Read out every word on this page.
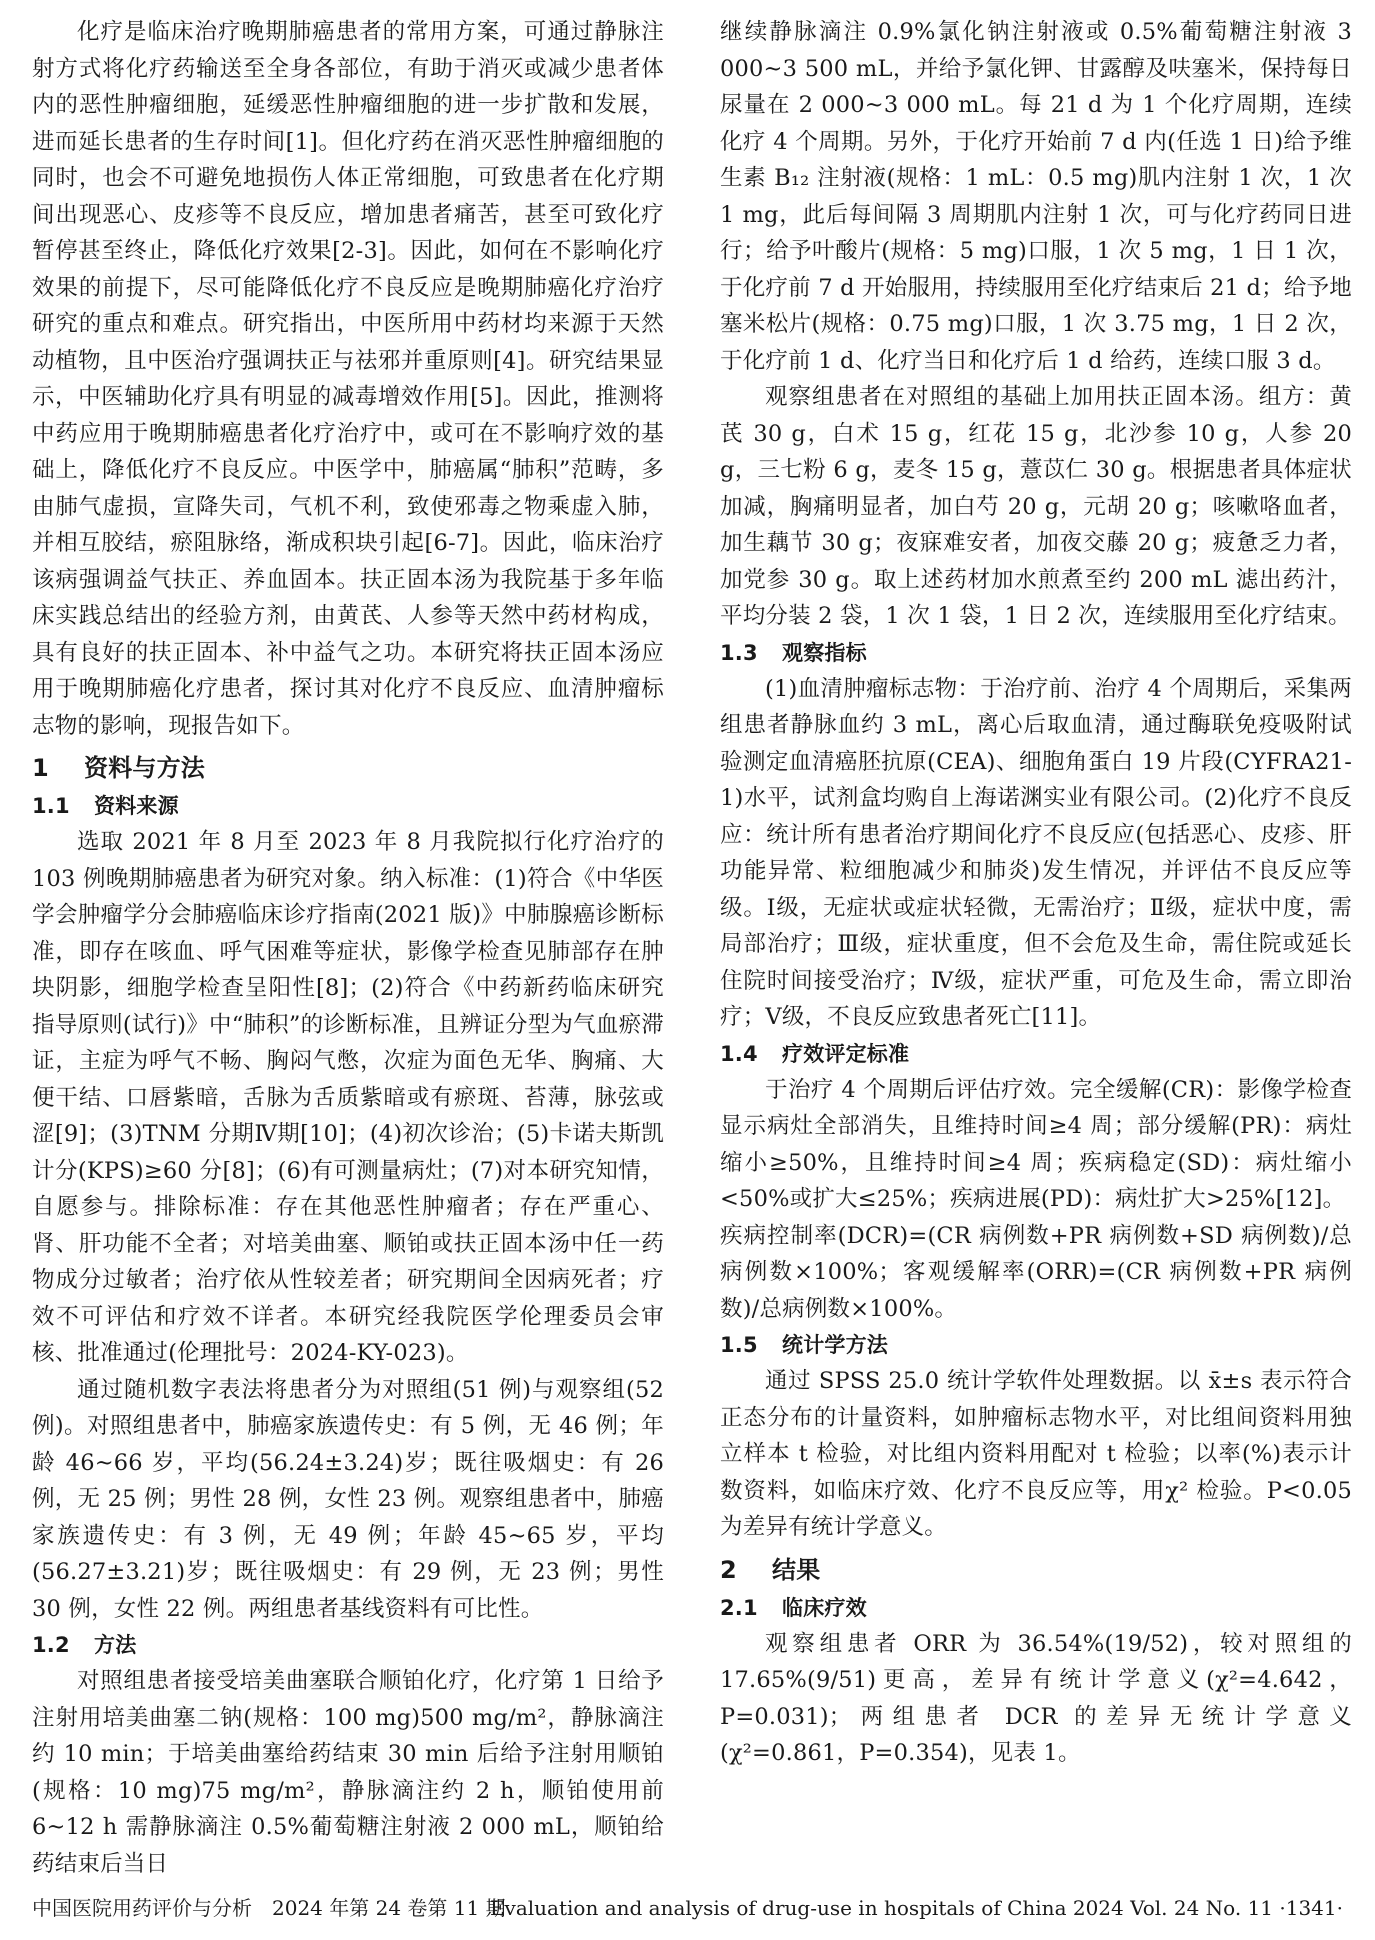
化疗是临床治疗晚期肺癌患者的常用方案，可通过静脉注射方式将化疗药输送至全身各部位，有助于消灭或减少患者体内的恶性肿瘤细胞，延缓恶性肿瘤细胞的进一步扩散和发展，进而延长患者的生存时间[1]。但化疗药在消灭恶性肿瘤细胞的同时，也会不可避免地损伤人体正常细胞，可致患者在化疗期间出现恶心、皮疹等不良反应，增加患者痛苦，甚至可致化疗暂停甚至终止，降低化疗效果[2-3]。因此，如何在不影响化疗效果的前提下，尽可能降低化疗不良反应是晚期肺癌化疗治疗研究的重点和难点。研究指出，中医所用中药材均来源于天然动植物，且中医治疗强调扶正与祛邪并重原则[4]。研究结果显示，中医辅助化疗具有明显的减毒增效作用[5]。因此，推测将中药应用于晚期肺癌患者化疗治疗中，或可在不影响疗效的基础上，降低化疗不良反应。中医学中，肺癌属“肺积”范畴，多由肺气虚损，宣降失司，气机不利，致使邪毒之物乘虚入肺，并相互胶结，瘀阻脉络，渐成积块引起[6-7]。因此，临床治疗该病强调益气扶正、养血固本。扶正固本汤为我院基于多年临床实践总结出的经验方剂，由黄芪、人参等天然中药材构成，具有良好的扶正固本、补中益气之功。本研究将扶正固本汤应用于晚期肺癌化疗患者，探讨其对化疗不良反应、血清肿瘤标志物的影响，现报告如下。

1 资料与方法
1.1 资料来源

选取 2021 年 8 月至 2023 年 8 月我院拟行化疗治疗的 103 例晚期肺癌患者为研究对象。纳入标准：(1)符合《中华医学会肿瘤学分会肺癌临床诊疗指南(2021 版)》中肺腺癌诊断标准，即存在咳血、呼气困难等症状，影像学检查见肺部存在肿块阴影，细胞学检查呈阳性[8]；(2)符合《中药新药临床研究指导原则(试行)》中“肺积”的诊断标准，且辨证分型为气血瘀滞证，主症为呼气不畅、胸闷气憋，次症为面色无华、胸痛、大便干结、口唇紫暗，舌脉为舌质紫暗或有瘀斑、苔薄，脉弦或涩[9]；(3)TNM 分期Ⅳ期[10]；(4)初次诊治；(5)卡诺夫斯凯计分(KPS)≥60 分[8]；(6)有可测量病灶；(7)对本研究知情，自愿参与。排除标准：存在其他恶性肿瘤者；存在严重心、肾、肝功能不全者；对培美曲塞、顺铂或扶正固本汤中任一药物成分过敏者；治疗依从性较差者；研究期间全因病死者；疗效不可评估和疗效不详者。本研究经我院医学伦理委员会审核、批准通过(伦理批号：2024-KY-023)。

通过随机数字表法将患者分为对照组(51 例)与观察组(52 例)。对照组患者中，肺癌家族遗传史：有 5 例，无 46 例；年龄 46~66 岁，平均(56.24±3.24)岁；既往吸烟史：有 26 例，无 25 例；男性 28 例，女性 23 例。观察组患者中，肺癌家族遗传史：有 3 例，无 49 例；年龄 45~65 岁，平均(56.27±3.21)岁；既往吸烟史：有 29 例，无 23 例；男性 30 例，女性 22 例。两组患者基线资料有可比性。

1.2 方法

对照组患者接受培美曲塞联合顺铂化疗，化疗第 1 日给予注射用培美曲塞二钠(规格：100 mg)500 mg/m²，静脉滴注约 10 min；于培美曲塞给药结束 30 min 后给予注射用顺铂(规格：10 mg)75 mg/m²，静脉滴注约 2 h，顺铂使用前 6~12 h 需静脉滴注 0.5%葡萄糖注射液 2 000 mL，顺铂给药结束后当日

继续静脉滴注 0.9%氯化钠注射液或 0.5%葡萄糖注射液 3 000~3 500 mL，并给予氯化钾、甘露醇及呋塞米，保持每日尿量在 2 000~3 000 mL。每 21 d 为 1 个化疗周期，连续化疗 4 个周期。另外，于化疗开始前 7 d 内(任选 1 日)给予维生素 B₁₂ 注射液(规格：1 mL：0.5 mg)肌内注射 1 次，1 次 1 mg，此后每间隔 3 周期肌内注射 1 次，可与化疗药同日进行；给予叶酸片(规格：5 mg)口服，1 次 5 mg，1 日 1 次，于化疗前 7 d 开始服用，持续服用至化疗结束后 21 d；给予地塞米松片(规格：0.75 mg)口服，1 次 3.75 mg，1 日 2 次，于化疗前 1 d、化疗当日和化疗后 1 d 给药，连续口服 3 d。

观察组患者在对照组的基础上加用扶正固本汤。组方：黄芪 30 g，白术 15 g，红花 15 g，北沙参 10 g，人参 20 g，三七粉 6 g，麦冬 15 g，薏苡仁 30 g。根据患者具体症状加减，胸痛明显者，加白芍 20 g，元胡 20 g；咳嗽咯血者，加生藕节 30 g；夜寐难安者，加夜交藤 20 g；疲惫乏力者，加党参 30 g。取上述药材加水煎煮至约 200 mL 滤出药汁，平均分装 2 袋，1 次 1 袋，1 日 2 次，连续服用至化疗结束。

1.3 观察指标

(1)血清肿瘤标志物：于治疗前、治疗 4 个周期后，采集两组患者静脉血约 3 mL，离心后取血清，通过酶联免疫吸附试验测定血清癌胚抗原(CEA)、细胞角蛋白 19 片段(CYFRA21-1)水平，试剂盒均购自上海诺渊实业有限公司。(2)化疗不良反应：统计所有患者治疗期间化疗不良反应(包括恶心、皮疹、肝功能异常、粒细胞减少和肺炎)发生情况，并评估不良反应等级。Ⅰ级，无症状或症状轻微，无需治疗；Ⅱ级，症状中度，需局部治疗；Ⅲ级，症状重度，但不会危及生命，需住院或延长住院时间接受治疗；Ⅳ级，症状严重，可危及生命，需立即治疗；Ⅴ级，不良反应致患者死亡[11]。

1.4 疗效评定标准

于治疗 4 个周期后评估疗效。完全缓解(CR)：影像学检查显示病灶全部消失，且维持时间≥4 周；部分缓解(PR)：病灶缩小≥50%，且维持时间≥4 周；疾病稳定(SD)：病灶缩小<50%或扩大≤25%；疾病进展(PD)：病灶扩大>25%[12]。

疾病控制率(DCR)=(CR 病例数+PR 病例数+SD 病例数)/总病例数×100%；客观缓解率(ORR)=(CR 病例数+PR 病例数)/总病例数×100%。

1.5 统计学方法

通过 SPSS 25.0 统计学软件处理数据。以 x̄±s 表示符合正态分布的计量资料，如肿瘤标志物水平，对比组间资料用独立样本 t 检验，对比组内资料用配对 t 检验；以率(%)表示计数资料，如临床疗效、化疗不良反应等，用χ² 检验。P<0.05 为差异有统计学意义。

2 结果
2.1 临床疗效

观察组患者 ORR 为 36.54%(19/52)，较对照组的 17.65%(9/51)更高，差异有统计学意义(χ²=4.642，P=0.031)；两组患者 DCR 的差异无统计学意义(χ²=0.861，P=0.354)，见表 1。

中国医院用药评价与分析　2024 年第 24 卷第 11 期
Evaluation and analysis of drug-use in hospitals of China 2024 Vol. 24 No. 11 ·1341·
